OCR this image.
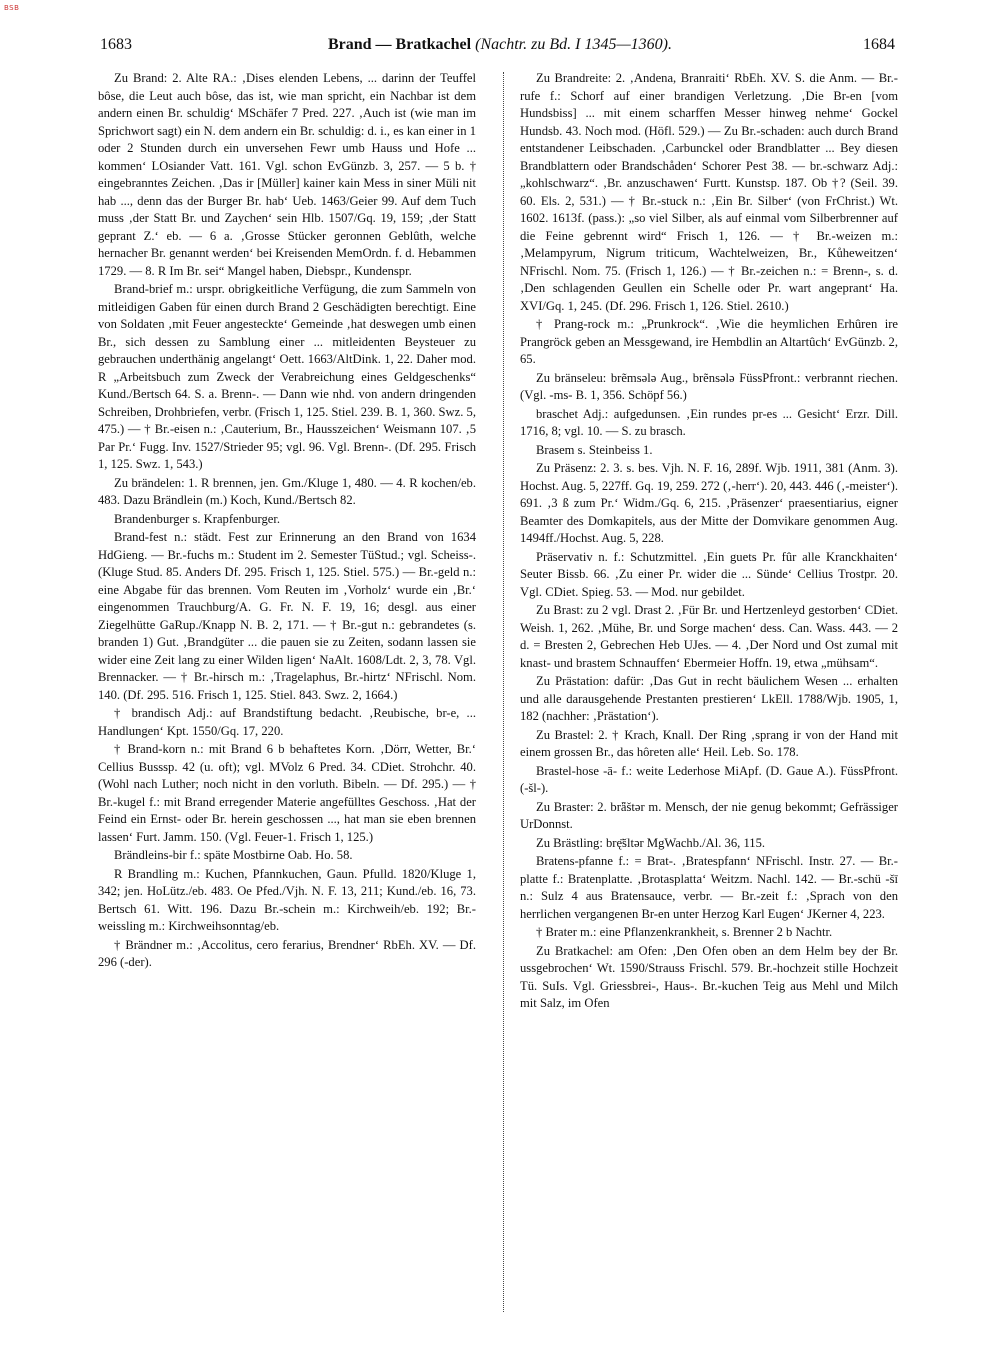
BSB
1683	Brand — Bratkachel (Nachtr. zu Bd. I 1345—1360).	1684

Zu Brand: 2. Alte RA.: ‚Dises elenden Lebens, ... darinn der Teuffel bôse, die Leut auch bôse, das ist, wie man spricht, ein Nachbar ist dem andern einen Br. schuldig‘ MSchäfer 7 Pred. 227. ‚Auch ist (wie man im Sprichwort sagt) ein N. dem andern ein Br. schuldig: d. i., es kan einer in 1 oder 2 Stunden durch ein unversehen Fewr umb Hauss und Hofe ... kommen‘ LOsiander Vatt. 161. Vgl. schon EvGünzb. 3, 257. — 5 b. † eingebranntes Zeichen. ‚Das ir [Müller] kainer kain Mess in siner Müli nit hab ..., denn das der Burger Br. hab‘ Ueb. 1463/Geier 99. Auf dem Tuch muss ‚der Statt Br. und Zaychen‘ sein Hlb. 1507/Gq. 19, 159; ‚der Statt geprant Z.‘ eb. — 6 a. ‚Grosse Stücker geronnen Geblûth, welche hernacher Br. genannt werden‘ bei Kreisenden MemOrdn. f. d. Hebammen 1729. — 8. R Im Br. sei“ Mangel haben, Diebspr., Kundenspr.

Brand-brief m.: urspr. obrigkeitliche Verfügung, die zum Sammeln von mitleidigen Gaben für einen durch Brand 2 Geschädigten berechtigt. Eine von Soldaten ‚mit Feuer angesteckte‘ Gemeinde ‚hat deswegen umb einen Br., sich dessen zu Samblung einer ... mitleidenten Beysteuer zu gebrauchen underthänig angelangt‘ Oett. 1663/AltDink. 1, 22. Daher mod. R „Arbeitsbuch zum Zweck der Verabreichung eines Geldgeschenks“ Kund./Bertsch 64. S. a. Brenn-. — Dann wie nhd. von andern dringenden Schreiben, Drohbriefen, verbr. (Frisch 1, 125. Stiel. 239. B. 1, 360. Swz. 5, 475.) — † Br.-eisen n.: ‚Cauterium, Br., Hausszeichen‘ Weismann 107. ‚5 Par Pr.‘ Fugg. Inv. 1527/Strieder 95; vgl. 96. Vgl. Brenn-. (Df. 295. Frisch 1, 125. Swz. 1, 543.)

Zu brändelen: 1. R brennen, jen. Gm./Kluge 1, 480. — 4. R kochen/eb. 483. Dazu Brändlein (m.) Koch, Kund./Bertsch 82.

Brandenburger s. Krapfenburger.

Brand-fest n.: städt. Fest zur Erinnerung an den Brand von 1634 HdGieng. — Br.-fuchs m.: Student im 2. Semester TüStud.; vgl. Scheiss-. (Kluge Stud. 85. Anders Df. 295. Frisch 1, 125. Stiel. 575.) — Br.-geld n.: eine Abgabe für das brennen. Vom Reuten im ‚Vorholz‘ wurde ein ‚Br.‘ eingenommen Trauchburg/A. G. Fr. N. F. 19, 16; desgl. aus einer Ziegelhütte GaRup./Knapp N. B. 2, 171. — † Br.-gut n.: gebrandetes (s. branden 1) Gut. ‚Brandgüter ... die pauen sie zu Zeiten, sodann lassen sie wider eine Zeit lang zu einer Wilden ligen‘ NaAlt. 1608/Ldt. 2, 3, 78. Vgl. Brennacker. — † Br.-hirsch m.: ‚Tragelaphus, Br.-hirtz‘ NFrischl. Nom. 140. (Df. 295. 516. Frisch 1, 125. Stiel. 843. Swz. 2, 1664.)

† brandisch Adj.: auf Brandstiftung bedacht. ‚Reubische, br-e, ... Handlungen‘ Kpt. 1550/Gq. 17, 220.

† Brand-korn n.: mit Brand 6 b behaftetes Korn. ‚Dörr, Wetter, Br.‘ Cellius Busssp. 42 (u. oft); vgl. MVolz 6 Pred. 34. CDiet. Strohchr. 40. (Wohl nach Luther; noch nicht in den vorluth. Bibeln. — Df. 295.) — † Br.-kugel f.: mit Brand erregender Materie angefülltes Geschoss. ‚Hat der Feind ein Ernst- oder Br. herein geschossen ..., hat man sie eben brennen lassen‘ Furt. Jamm. 150. (Vgl. Feuer-1. Frisch 1, 125.)

Brändleins-bir f.: späte Mostbirne Oab. Ho. 58.

R Brandling m.: Kuchen, Pfannkuchen, Gaun. Pfulld. 1820/Kluge 1, 342; jen. HoLütz./eb. 483. Oe Pfed./Vjh. N. F. 13, 211; Kund./eb. 16, 73. Bertsch 61. Witt. 196. Dazu Br.-schein m.: Kirchweih/eb. 192; Br.-weissling m.: Kirchweihsonntag/eb.

† Brändner m.: ‚Accolitus, cero ferarius, Brendner‘ RbEh. XV. — Df. 296 (-der).

Zu Brandreite: 2. ‚Andena, Branraiti‘ RbEh. XV. S. die Anm. — Br.-rufe f.: Schorf auf einer brandigen Verletzung. ‚Die Br-en [vom Hundsbiss] ... mit einem scharffen Messer hinweg nehme‘ Gockel Hundsb. 43. Noch mod. (Höfl. 529.) — Zu Br.-schaden: auch durch Brand entstandener Leibschaden. ‚Carbunckel oder Brandblatter ... Bey diesen Brandblattern oder Brandschåden‘ Schorer Pest 38. — br.-schwarz Adj.: „kohlschwarz“. ‚Br. anzuschawen‘ Furtt. Kunstsp. 187. Ob †? (Seil. 39. 60. Els. 2, 531.) — † Br.-stuck n.: ‚Ein Br. Silber‘ (von FrChrist.) Wt. 1602. 1613f. (pass.): „so viel Silber, als auf einmal vom Silberbrenner auf die Feine gebrennt wird“ Frisch 1, 126. — † Br.-weizen m.: ‚Melampyrum, Nigrum triticum, Wachtelweizen, Br., Kůheweitzen‘ NFrischl. Nom. 75. (Frisch 1, 126.) — † Br.-zeichen n.: = Brenn-, s. d. ‚Den schlagenden Geullen ein Schelle oder Pr. wart angeprant‘ Ha. XVI/Gq. 1, 245. (Df. 296. Frisch 1, 126. Stiel. 2610.)

† Prang-rock m.: „Prunkrock“. ‚Wie die heymlichen Erhûren ire Prangröck geben an Messgewand, ire Hembdlin an Altartûch‘ EvGünzb. 2, 65.

Zu bränseleu: brẽmsələ Aug., brẽnsələ FüssPfront.: verbrannt riechen. (Vgl. -ms- B. 1, 356. Schöpf 56.)

braschet Adj.: aufgedunsen. ‚Ein rundes pr-es ... Gesicht‘ Erzr. Dill. 1716, 8; vgl. 10. — S. zu brasch.

Brasem s. Steinbeiss 1.

Zu Präsenz: 2. 3. s. bes. Vjh. N. F. 16, 289f. Wjb. 1911, 381 (Anm. 3). Hochst. Aug. 5, 227ff. Gq. 19, 259. 272 (‚-herr‘). 20, 443. 446 (‚-meister‘). 691. ‚3 ß zum Pr.‘ Widm./Gq. 6, 215. ‚Präsenzer‘ praesentiarius, eigner Beamter des Domkapitels, aus der Mitte der Domvikare genommen Aug. 1494ff./Hochst. Aug. 5, 228.

Präservativ n. f.: Schutzmittel. ‚Ein guets Pr. fûr alle Kranckhaiten‘ Seuter Bissb. 66. ‚Zu einer Pr. wider die ... Sünde‘ Cellius Trostpr. 20. Vgl. CDiet. Spieg. 53. — Mod. nur gebildet.

Zu Brast: zu 2 vgl. Drast 2. ‚Für Br. und Hertzenleyd gestorben‘ CDiet. Weish. 1, 262. ‚Mühe, Br. und Sorge machen‘ dess. Can. Wass. 443. — 2 d. = Bresten 2, Gebrechen Heb UJes. — 4. ‚Der Nord und Ost zumal mit knast- und brastem Schnauffen‘ Ebermeier Hoffn. 19, etwa „mühsam“.

Zu Prästation: dafür: ‚Das Gut in recht bäulichem Wesen ... erhalten und alle darausgehende Prestanten prestieren‘ LkEll. 1788/Wjb. 1905, 1, 182 (nachher: ‚Prästation‘).

Zu Brastel: 2. † Krach, Knall. Der Ring ‚sprang ir von der Hand mit einem grossen Br., das hôreten alle‘ Heil. Leb. So. 178.

Brastel-hose -ā- f.: weite Lederhose MiApf. (D. Gaue A.). FüssPfront. (-šl-).

Zu Braster: 2. brǟštər m. Mensch, der nie genug bekommt; Gefrässiger UrDonnst.

Zu Brästling: brę̄šltər MgWachb./Al. 36, 115.

Bratens-pfanne f.: = Brat-. ‚Bratespfann‘ NFrischl. Instr. 27. — Br.-platte f.: Bratenplatte. ‚Brotasplatta‘ Weitzm. Nachl. 142. — Br.-schü -šī n.: Sulz 4 aus Bratensauce, verbr. — Br.-zeit f.: ‚Sprach von den herrlichen vergangenen Br-en unter Herzog Karl Eugen‘ JKerner 4, 223.

† Brater m.: eine Pflanzenkrankheit, s. Brenner 2 b Nachtr.

Zu Bratkachel: am Ofen: ‚Den Ofen oben an dem Helm bey der Br. ussgebrochen‘ Wt. 1590/Strauss Frischl. 579. Br.-hochzeit stille Hochzeit Tü. SuIs. Vgl. Griessbrei-, Haus-. Br.-kuchen Teig aus Mehl und Milch mit Salz, im Ofen
